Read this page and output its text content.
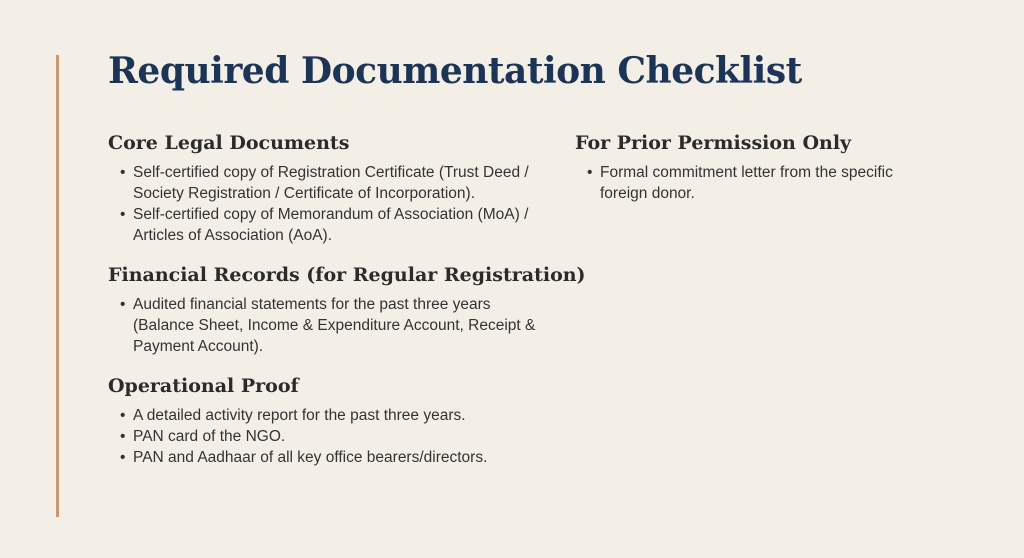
Required Documentation Checklist
Core Legal Documents
• Self-certified copy of Registration Certificate (Trust Deed / Society Registration / Certificate of Incorporation).
• Self-certified copy of Memorandum of Association (MoA) / Articles of Association (AoA).
Financial Records (for Regular Registration)
• Audited financial statements for the past three years (Balance Sheet, Income & Expenditure Account, Receipt & Payment Account).
Operational Proof
• A detailed activity report for the past three years.
• PAN card of the NGO.
• PAN and Aadhaar of all key office bearers/directors.
For Prior Permission Only
• Formal commitment letter from the specific foreign donor.
